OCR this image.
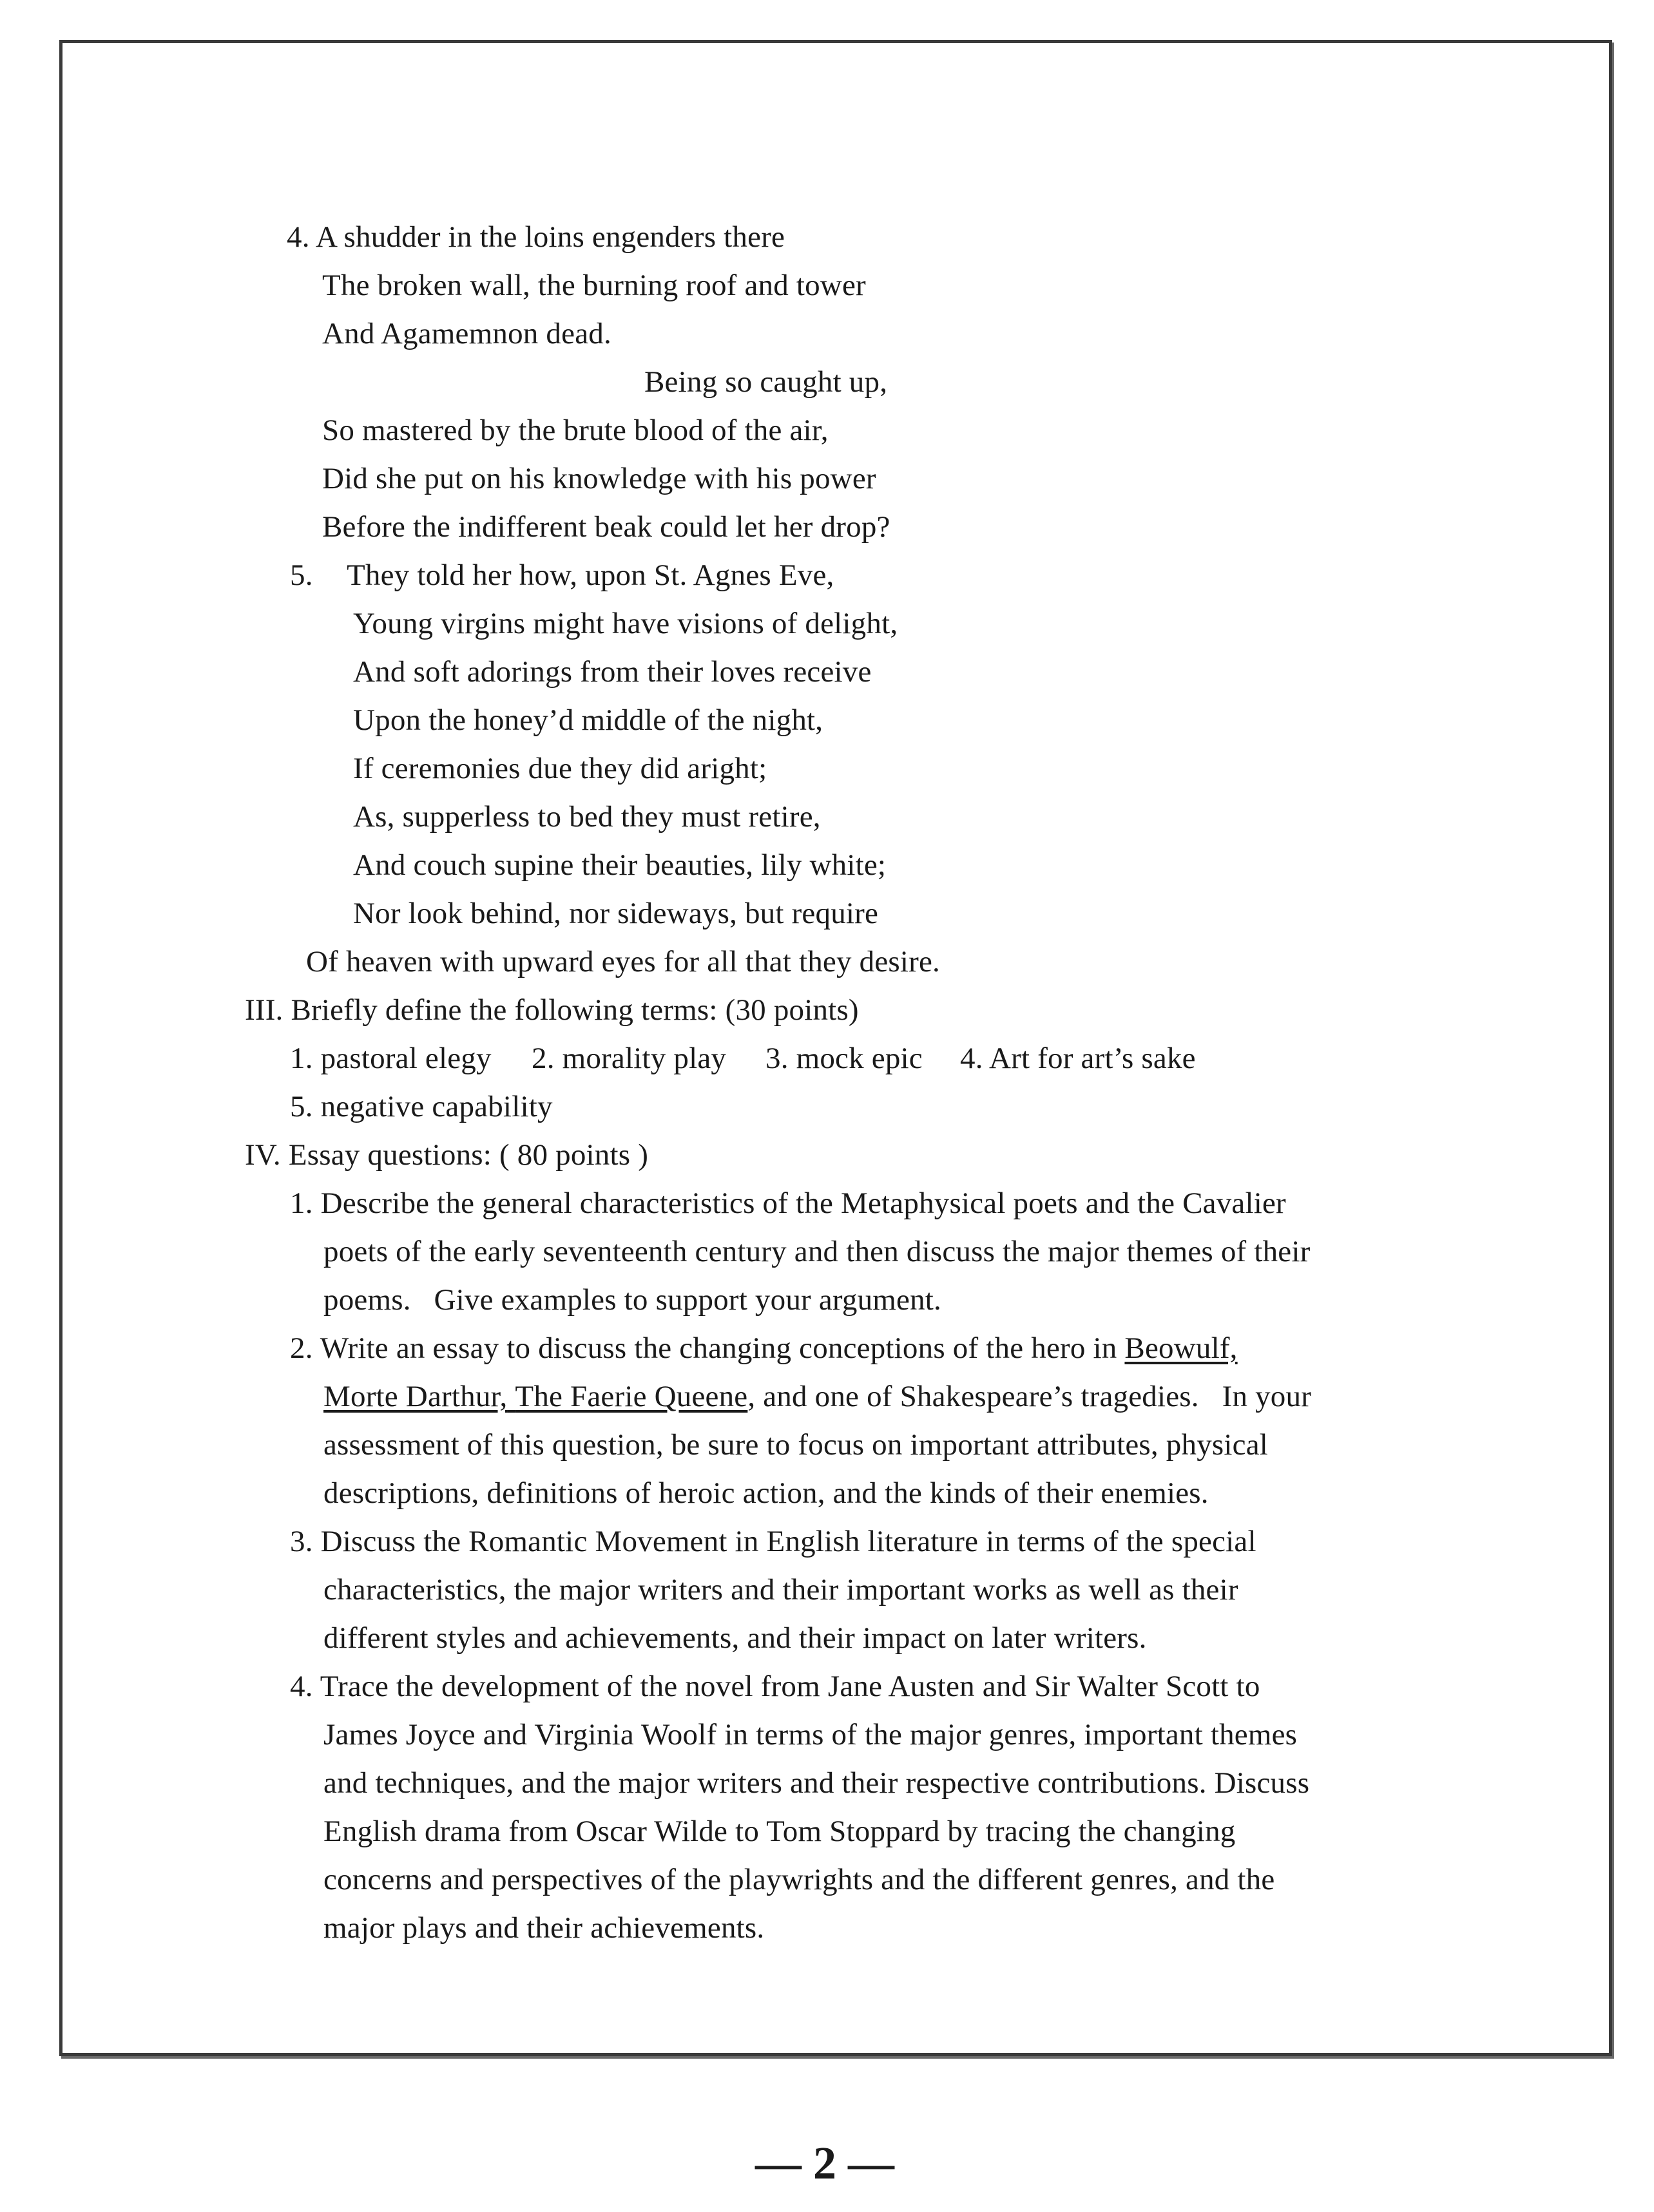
4. A shudder in the loins engenders there
The broken wall, the burning roof and tower
And Agamemnon dead.
Being so caught up,
So mastered by the brute blood of the air,
Did she put on his knowledge with his power
Before the indifferent beak could let her drop?
5. They told her how, upon St. Agnes Eve,
Young virgins might have visions of delight,
And soft adorings from their loves receive
Upon the honey’d middle of the night,
If ceremonies due they did aright;
As, supperless to bed they must retire,
And couch supine their beauties, lily white;
Nor look behind, nor sideways, but require
Of heaven with upward eyes for all that they desire.
III. Briefly define the following terms: (30 points)
1. pastoral elegy 2. morality play 3. mock epic 4. Art for art’s sake
5. negative capability
IV. Essay questions: ( 80 points )
1. Describe the general characteristics of the Metaphysical poets and the Cavalier
poets of the early seventeenth century and then discuss the major themes of their
poems.   Give examples to support your argument.
2. Write an essay to discuss the changing conceptions of the hero in Beowulf,
Morte Darthur, The Faerie Queene, and one of Shakespeare’s tragedies.   In your
assessment of this question, be sure to focus on important attributes, physical
descriptions, definitions of heroic action, and the kinds of their enemies.
3. Discuss the Romantic Movement in English literature in terms of the special
characteristics, the major writers and their important works as well as their
different styles and achievements, and their impact on later writers.
4. Trace the development of the novel from Jane Austen and Sir Walter Scott to
James Joyce and Virginia Woolf in terms of the major genres, important themes
and techniques, and the major writers and their respective contributions. Discuss
English drama from Oscar Wilde to Tom Stoppard by tracing the changing
concerns and perspectives of the playwrights and the different genres, and the
major plays and their achievements.
— 2 —
